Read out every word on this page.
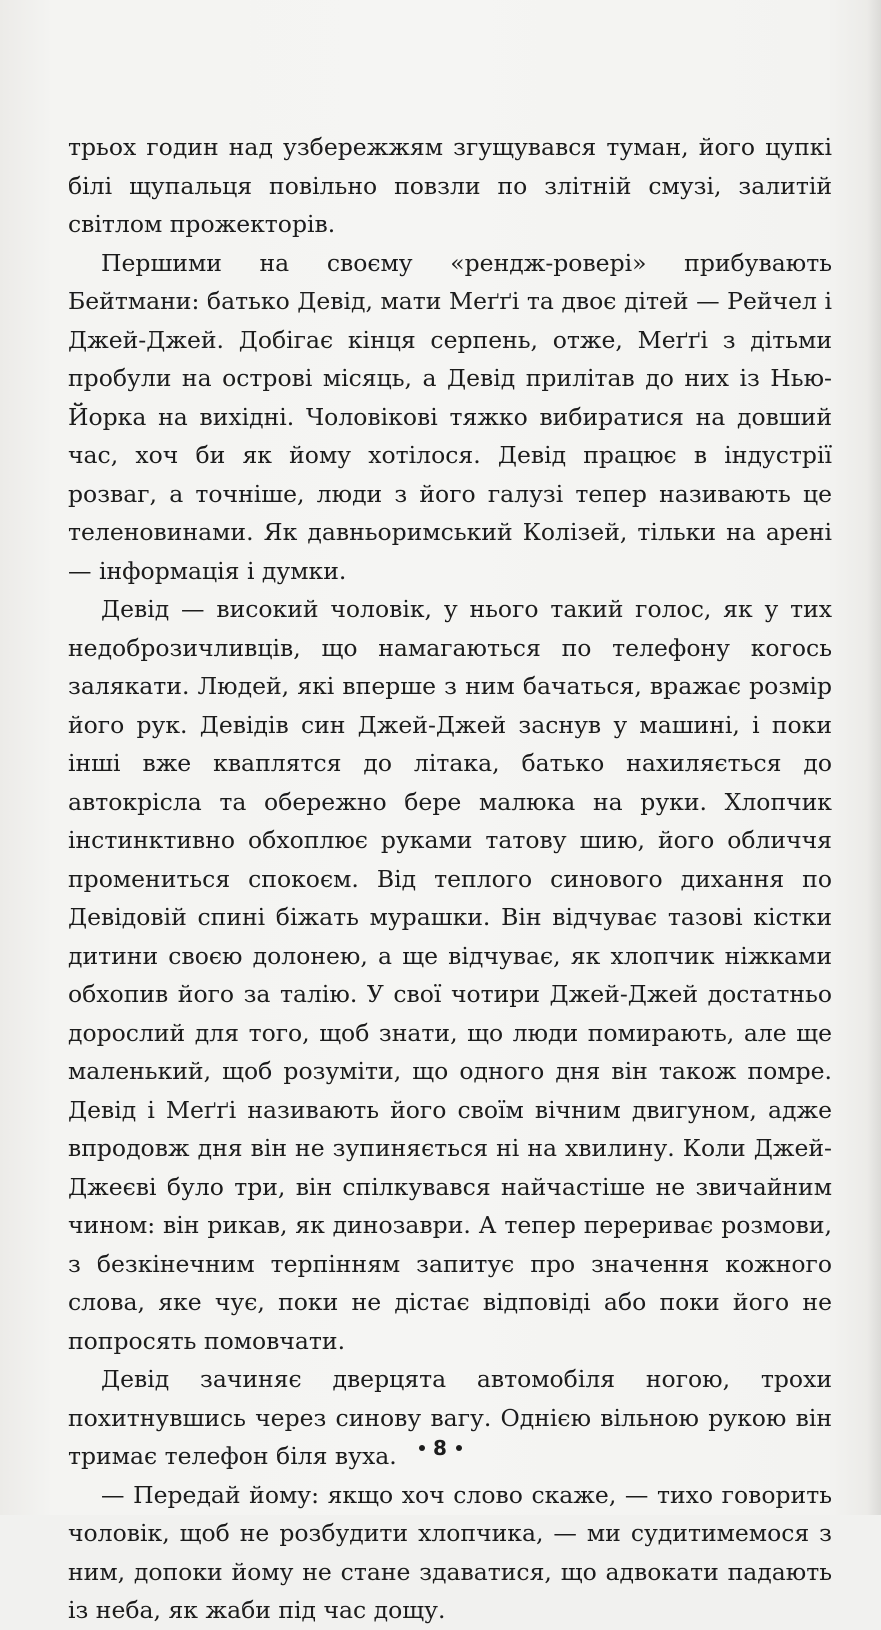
трьох годин над узбережжям згущувався туман, його цупкі білі щупальця повільно повзли по злітній смузі, залитій світлом прожекторів.

Першими на своєму «рендж-ровері» прибувають Бейтмани: батько Девід, мати Меґґі та двоє дітей — Рейчел і Джей-Джей. Добігає кінця серпень, отже, Меґґі з дітьми пробули на острові місяць, а Девід прилітав до них із Нью-Йорка на вихідні. Чоловікові тяжко вибиратися на довший час, хоч би як йому хотілося. Девід працює в індустрії розваг, а точніше, люди з його галузі тепер називають це теленовинами. Як давньоримський Колізей, тільки на арені — інформація і думки.

Девід — високий чоловік, у нього такий голос, як у тих недоброзичливців, що намагаються по телефону когось залякати. Людей, які вперше з ним бачаться, вражає розмір його рук. Девідів син Джей-Джей заснув у машині, і поки інші вже кваплятся до літака, батько нахиляється до автокрісла та обережно бере малюка на руки. Хлопчик інстинктивно обхоплює руками татову шию, його обличчя промениться спокоєм. Від теплого синового дихання по Девідовій спині біжать мурашки. Він відчуває тазові кістки дитини своєю долонею, а ще відчуває, як хлопчик ніжками обхопив його за талію. У свої чотири Джей-Джей достатньо дорослий для того, щоб знати, що люди помирають, але ще маленький, щоб розуміти, що одного дня він також помре. Девід і Меґґі називають його своїм вічним двигуном, адже впродовж дня він не зупиняється ні на хвилину. Коли Джей-Джеєві було три, він спілкувався найчастіше не звичайним чином: він рикав, як динозаври. А тепер перериває розмови, з безкінечним терпінням запитує про значення кожного слова, яке чує, поки не дістає відповіді або поки його не попросять помовчати.

Девід зачиняє дверцята автомобіля ногою, трохи похитнувшись через синову вагу. Однією вільною рукою він тримає телефон біля вуха.

— Передай йому: якщо хоч слово скаже, — тихо говорить чоловік, щоб не розбудити хлопчика, — ми судитимемося з ним, допоки йому не стане здаватися, що адвокати падають із неба, як жаби під час дощу.

8
